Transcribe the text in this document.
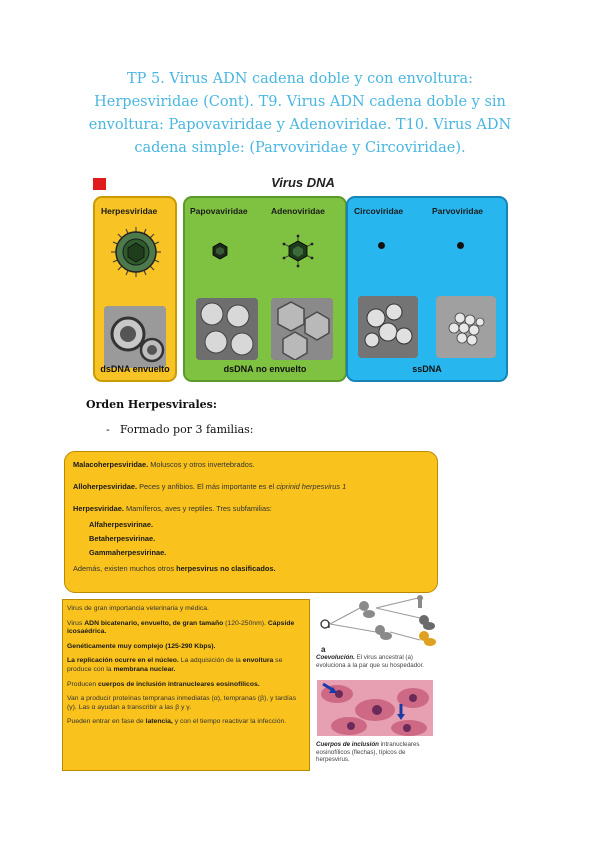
TP 5. Virus ADN cadena doble y con envoltura: Herpesviridae (Cont). T9. Virus ADN cadena doble y sin envoltura: Papovaviridae y Adenoviridae. T10. Virus ADN cadena simple: (Parvoviridae y Circoviridae).
Virus DNA
Herpesviridae
dsDNA envuelto
Papovaviridae	Adenoviridae
dsDNA no envuelto
Circoviridae	Parvoviridae
ssDNA
Orden Herpesvirales:
- Formado por 3 familias:

Malacoherpesviridae. Moluscos y otros invertebrados.

Alloherpesviridae. Peces y anfibios. El más importante es el ciprinid herpesvirus 1

Herpesviridae. Mamíferos, aves y reptiles. Tres subfamilias:

Alfaherpesvirinae.

Betaherpesvirinae.

Gammaherpesvirinae.

Además, existen muchos otros herpesvirus no clasificados.

Virus de gran importancia veterinaria y médica.

Virus ADN bicatenario, envuelto, de gran tamaño (120-250nm). Cápside icosaédrica.

Genéticamente muy complejo (125-290 Kbps).

La replicación ocurre en el núcleo. La adquisición de la envoltura se produce con la membrana nuclear.

Producen cuerpos de inclusión intranucleares eosinofílicos.

Van a producir proteínas tempranas inmediatas (α), tempranas (β), y tardías (γ). Las α ayudan a transcribir a las β y γ.

Pueden entrar en fase de latencia, y con el tiempo reactivar la infección.

a
Coevolución. El virus ancestral (a) evoluciona a la par que su hospedador.
Cuerpos de inclusión intranucleares eosinofílicos (flechas), típicos de herpesvirus.
